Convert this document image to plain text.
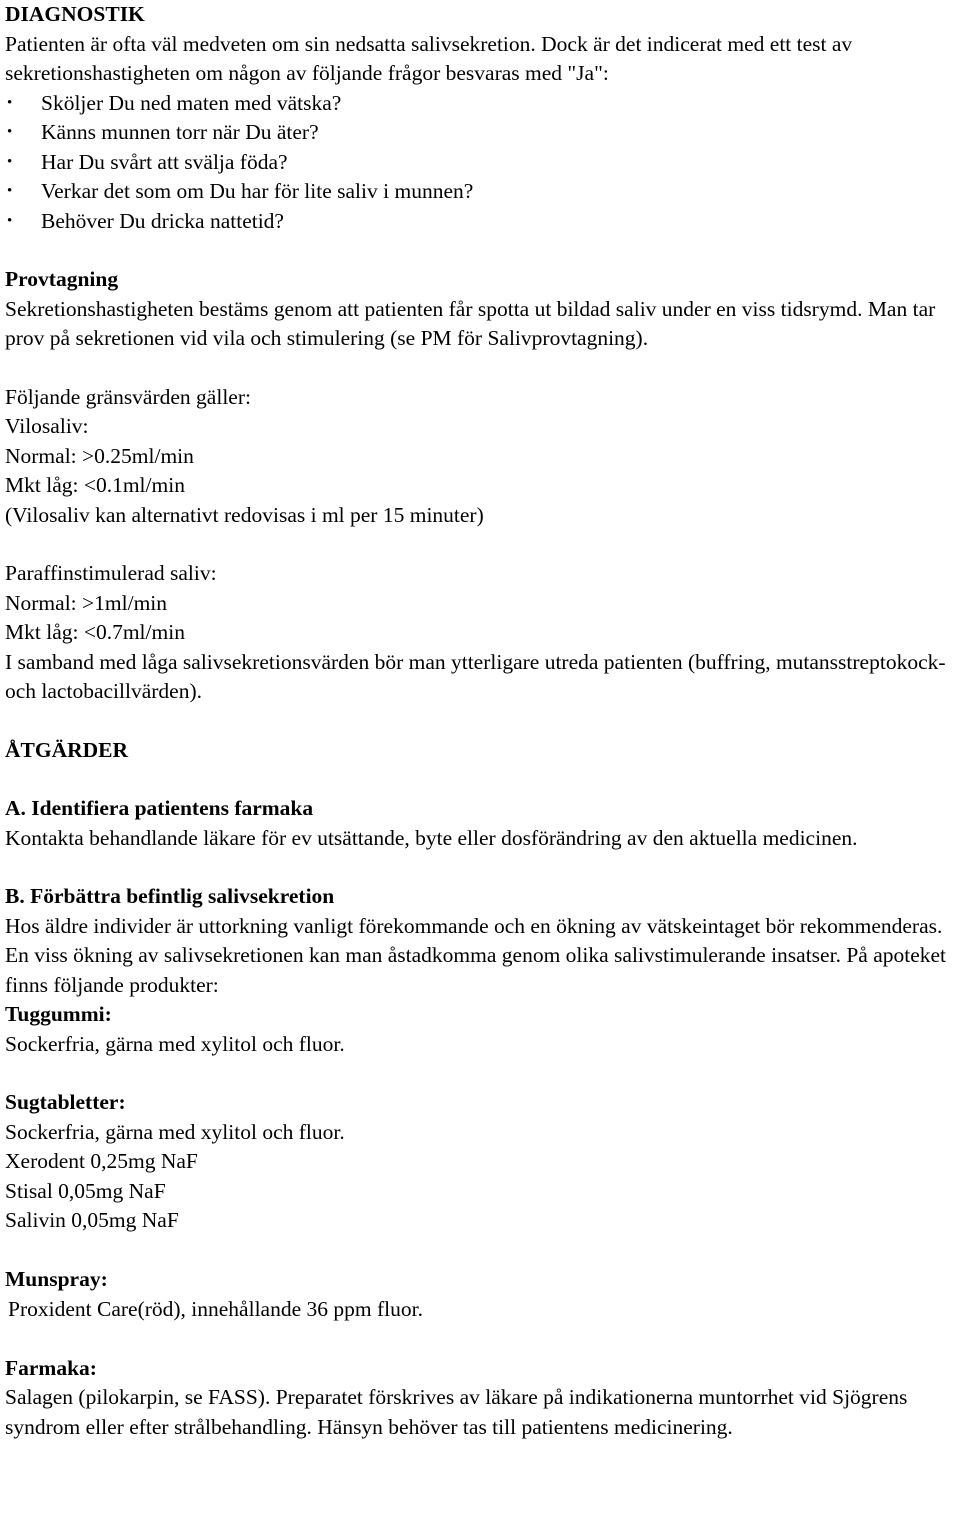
DIAGNOSTIK

Patienten är ofta väl medveten om sin nedsatta salivsekretion. Dock är det indicerat med ett test av sekretionshastigheten om någon av följande frågor besvaras med "Ja":

• Sköljer Du ned maten med vätska?
• Känns munnen torr när Du äter?
• Har Du svårt att svälja föda?
• Verkar det som om Du har för lite saliv i munnen?
• Behöver Du dricka nattetid?

Provtagning

Sekretionshastigheten bestäms genom att patienten får spotta ut bildad saliv under en viss tidsrymd. Man tar prov på sekretionen vid vila och stimulering (se PM för Salivprovtagning).

Följande gränsvärden gäller:

Vilosaliv:

Normal: >0.25ml/min

Mkt låg: <0.1ml/min

(Vilosaliv kan alternativt redovisas i ml per 15 minuter)

Paraffinstimulerad saliv:

Normal: >1ml/min

Mkt låg: <0.7ml/min

I samband med låga salivsekretionsvärden bör man ytterligare utreda patienten (buffring, mutansstreptokock- och lactobacillvärden).

ÅTGÄRDER

A. Identifiera patientens farmaka

Kontakta behandlande läkare för ev utsättande, byte eller dosförändring av den aktuella medicinen.

B. Förbättra befintlig salivsekretion

Hos äldre individer är uttorkning vanligt förekommande och en ökning av vätskeintaget bör rekommenderas.

En viss ökning av salivsekretionen kan man åstadkomma genom olika salivstimulerande insatser. På apoteket finns följande produkter:

Tuggummi:

Sockerfria, gärna med xylitol och fluor.

Sugtabletter:

Sockerfria, gärna med xylitol och fluor.

Xerodent 0,25mg NaF

Stisal 0,05mg NaF

Salivin 0,05mg NaF

Munspray:

Proxident Care(röd), innehållande 36 ppm fluor.

Farmaka:

Salagen (pilokarpin, se FASS). Preparatet förskrives av läkare på indikationerna muntorrhet vid Sjögrens syndrom eller efter strålbehandling. Hänsyn behöver tas till patientens medicinering.
